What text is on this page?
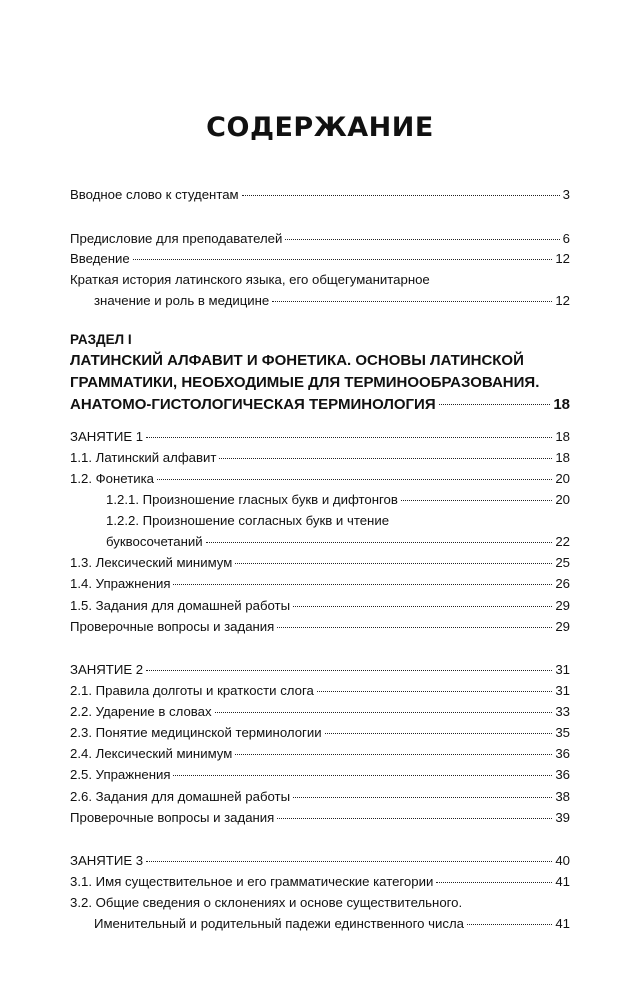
СОДЕРЖАНИЕ
Вводное слово к студентам	3
Предисловие для преподавателей	6
Введение	12
Краткая история латинского языка, его общегуманитарное
значение и роль в медицине	12
РАЗДЕЛ I
ЛАТИНСКИЙ АЛФАВИТ И ФОНЕТИКА. ОСНОВЫ ЛАТИНСКОЙ
ГРАММАТИКИ, НЕОБХОДИМЫЕ ДЛЯ ТЕРМИНООБРАЗОВАНИЯ.
АНАТОМО-ГИСТОЛОГИЧЕСКАЯ ТЕРМИНОЛОГИЯ	18
ЗАНЯТИЕ 1	18
1.1. Латинский алфавит	18
1.2. Фонетика	20
1.2.1. Произношение гласных букв и дифтонгов	20
1.2.2. Произношение согласных букв и чтение
буквосочетаний	22
1.3. Лексический минимум	25
1.4. Упражнения	26
1.5. Задания для домашней работы	29
Проверочные вопросы и задания	29
ЗАНЯТИЕ 2	31
2.1. Правила долготы и краткости слога	31
2.2. Ударение в словах	33
2.3. Понятие медицинской терминологии	35
2.4. Лексический минимум	36
2.5. Упражнения	36
2.6. Задания для домашней работы	38
Проверочные вопросы и задания	39
ЗАНЯТИЕ 3	40
3.1. Имя существительное и его грамматические категории	41
3.2. Общие сведения о склонениях и основе существительного.
Именительный и родительный падежи единственного числа	41
